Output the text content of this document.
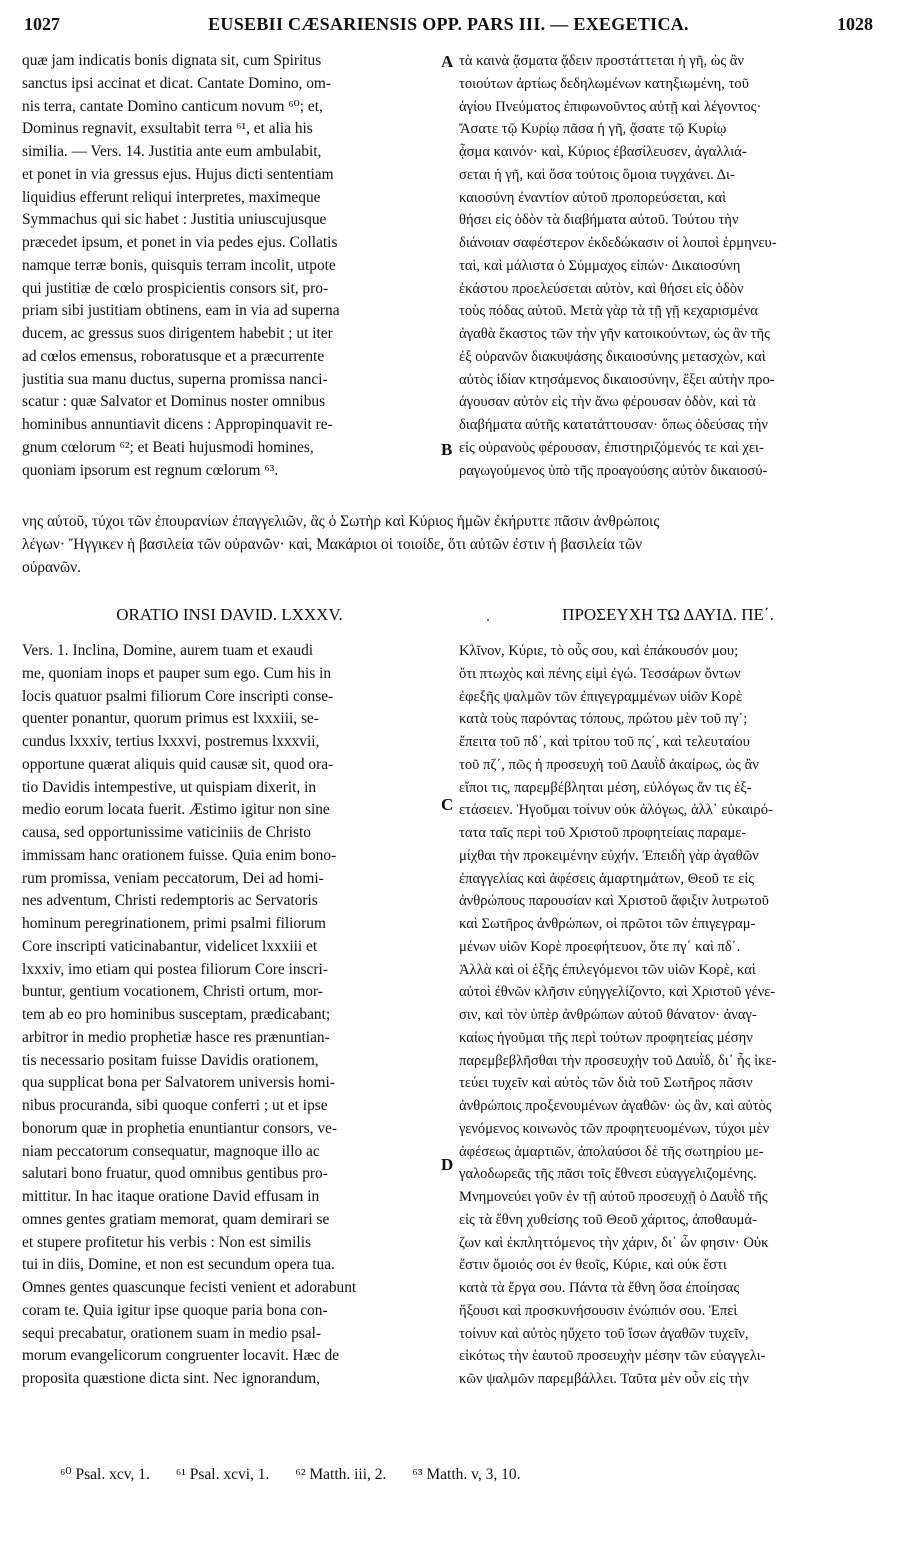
1027	EUSEBII CÆSARIENSIS OPP. PARS III. — EXEGETICA.	1028
quæ jam indicatis bonis dignata sit, cum Spiritus
sanctus ipsi accinat et dicat. Cantate Domino, om-
nis terra, cantate Domino canticum novum ⁶⁰; et,
Dominus regnavit, exsultabit terra ⁶¹, et alia his
similia. — Vers. 14. Justitia ante eum ambulabit,
et ponet in via gressus ejus. Hujus dicti sententiam
liquidius efferunt reliqui interpretes, maximeque
Symmachus qui sic habet : Justitia uniuscujusque
præcedet ipsum, et ponet in via pedes ejus. Collatis
namque terræ bonis, quisquis terram incolit, utpote
qui justitiæ de cœlo prospicientis consors sit, pro-
priam sibi justitiam obtinens, eam in via ad superna
ducem, ac gressus suos dirigentem habebit ; ut iter
ad cœlos emensus, roboratusque et a præcurrente
justitia sua manu ductus, superna promissa nanci-
scatur : quæ Salvator et Dominus noster omnibus
hominibus annuntiavit dicens : Appropinquavit re-
gnum cœlorum ⁶²; et Beati hujusmodi homines,
quoniam ipsorum est regnum cœlorum ⁶³.
τὰ καινὰ ᾄσματα ᾄδειν προστάττεται ἡ γῆ, ὡς ἂν
τοιούτων ἀρτίως δεδηλωμένων κατηξιωμένη, τοῦ
ἁγίου Πνεύματος ἐπιφωνοῦντος αὐτῇ καὶ λέγοντος·
Ἄσατε τῷ Κυρίῳ πᾶσα ἡ γῆ, ᾄσατε τῷ Κυρίῳ
ᾆσμα καινόν· καὶ, Κύριος ἐβασίλευσεν, ἀγαλλιά-
σεται ἡ γῆ, καὶ ὅσα τούτοις ὅμοια τυγχάνει. Δι-
καιοσύνη ἐναντίον αὐτοῦ προπορεύσεται, καὶ
θήσει εἰς ὁδὸν τὰ διαβήματα αὐτοῦ. Τούτου τὴν
διάνοιαν σαφέστερον ἐκδεδώκασιν οἱ λοιποὶ ἑρμηνευ-
ταὶ, καὶ μάλιστα ὁ Σύμμαχος εἰπών· Δικαιοσύνη
ἑκάστου προελεύσεται αὐτὸν, καὶ θήσει εἰς ὁδὸν
τοὺς πόδας αὐτοῦ. Μετὰ γὰρ τὰ τῇ γῇ κεχαρισμένα
ἀγαθὰ ἕκαστος τῶν τὴν γῆν κατοικούντων, ὡς ἂν τῆς
ἐξ οὐρανῶν διακυψάσης δικαιοσύνης μετασχὼν, καὶ
αὐτὸς ἰδίαν κτησάμενος δικαιοσύνην, ἕξει αὐτὴν προ-
άγουσαν αὐτὸν εἰς τὴν ἄνω φέρουσαν ὁδὸν, καὶ τὰ
διαβήματα αὐτῆς κατατάττουσαν· ὅπως ὁδεύσας τὴν
εἰς οὐρανοὺς φέρουσαν, ἐπιστηριζόμενός τε καὶ χει-
ραγωγούμενος ὑπὸ τῆς προαγούσης αὐτὸν δικαιοσύ-
A
B
C
D
νης αὐτοῦ, τύχοι τῶν ἐπουρανίων ἐπαγγελιῶν, ἃς ὁ Σωτὴρ καὶ Κύριος ἡμῶν ἐκήρυττε πᾶσιν ἀνθρώποις
λέγων· Ἤγγικεν ἡ βασιλεία τῶν οὐρανῶν· καὶ, Μακάριοι οἱ τοιοίδε, ὅτι αὐτῶν ἐστιν ἡ βασιλεία τῶν
οὐρανῶν.
ORATIO INSI DAVID. LXXXV.	.	ΠΡΟΣΕΥΧΗ ΤΩ ΔΑΥΙΔ. ΠΕ΄.
Vers. 1. Inclina, Domine, aurem tuam et exaudi
me, quoniam inops et pauper sum ego. Cum his in
locis quatuor psalmi filiorum Core inscripti conse-
quenter ponantur, quorum primus est lxxxiii, se-
cundus lxxxiv, tertius lxxxvi, postremus lxxxvii,
opportune quærat aliquis quid causæ sit, quod ora-
tio Davidis intempestive, ut quispiam dixerit, in
medio eorum locata fuerit. Æstimo igitur non sine
causa, sed opportunissime vaticiniis de Christo
immissam hanc orationem fuisse. Quia enim bono-
rum promissa, veniam peccatorum, Dei ad homi-
nes adventum, Christi redemptoris ac Servatoris
hominum peregrinationem, primi psalmi filiorum
Core inscripti vaticinabantur, videlicet lxxxiii et
lxxxiv, imo etiam qui postea filiorum Core inscri-
buntur, gentium vocationem, Christi ortum, mor-
tem ab eo pro hominibus susceptam, prædicabant;
arbitror in medio prophetiæ hasce res prænuntian-
tis necessario positam fuisse Davidis orationem,
qua supplicat bona per Salvatorem universis homi-
nibus procuranda, sibi quoque conferri ; ut et ipse
bonorum quæ in prophetia enuntiantur consors, ve-
niam peccatorum consequatur, magnoque illo ac
salutari bono fruatur, quod omnibus gentibus pro-
mittitur. In hac itaque oratione David effusam in
omnes gentes gratiam memorat, quam demirari se
et stupere profitetur his verbis : Non est similis
tui in diis, Domine, et non est secundum opera tua.
Omnes gentes quascunque fecisti venient et adorabunt
coram te. Quia igitur ipse quoque paria bona con-
sequi precabatur, orationem suam in medio psal-
morum evangelicorum congruenter locavit. Hæc de
proposita quæstione dicta sint. Nec ignorandum,
Κλῖνον, Κύριε, τὸ οὖς σου, καὶ ἐπάκουσόν μου;
ὅτι πτωχὸς καὶ πένης εἰμὶ ἐγώ. Τεσσάρων ὄντων
ἐφεξῆς ψαλμῶν τῶν ἐπιγεγραμμένων υἱῶν Κορὲ
κατὰ τοὺς παρόντας τόπους, πρώτου μὲν τοῦ πγ΄;
ἔπειτα τοῦ πδ΄, καὶ τρίτου τοῦ πς΄, καὶ τελευταίου
τοῦ πζ΄, πῶς ἡ προσευχὴ τοῦ Δαυῒδ ἀκαίρως, ὡς ἂν
εἴποι τις, παρεμβέβληται μέση, εὐλόγως ἄν τις ἐξ-
ετάσειεν. Ἡγοῦμαι τοίνυν οὐκ ἀλόγως, ἀλλ᾽ εὐκαιρό-
τατα ταῖς περὶ τοῦ Χριστοῦ προφητείαις παραμε-
μίχθαι τὴν προκειμένην εὐχήν. Ἐπειδὴ γὰρ ἀγαθῶν
ἐπαγγελίας καὶ ἀφέσεις ἁμαρτημάτων, Θεοῦ τε εἰς
ἀνθρώπους παρουσίαν καὶ Χριστοῦ ἄφιξιν λυτρωτοῦ
καὶ Σωτῆρος ἀνθρώπων, οἱ πρῶτοι τῶν ἐπιγεγραμ-
μένων υἱῶν Κορὲ προεφήτευον, ὅτε πγ΄ καὶ πδ΄.
Ἀλλὰ καὶ οἱ ἑξῆς ἐπιλεγόμενοι τῶν υἱῶν Κορὲ, καὶ
αὐτοὶ ἐθνῶν κλῆσιν εὐηγγελίζοντο, καὶ Χριστοῦ γένε-
σιν, καὶ τὸν ὑπὲρ ἀνθρώπων αὐτοῦ θάνατον· ἀναγ-
καίως ἡγοῦμαι τῆς περὶ τούτων προφητείας μέσην
παρεμβεβλῆσθαι τὴν προσευχὴν τοῦ Δαυῒδ, δι᾽ ἧς ἱκε-
τεύει τυχεῖν καὶ αὐτὸς τῶν διὰ τοῦ Σωτῆρος πᾶσιν
ἀνθρώποις προξενουμένων ἀγαθῶν· ὡς ἂν, καὶ αὐτὸς
γενόμενος κοινωνὸς τῶν προφητευομένων, τύχοι μὲν
ἀφέσεως ἁμαρτιῶν, ἀπολαύσοι δὲ τῆς σωτηρίου με-
γαλοδωρεᾶς τῆς πᾶσι τοῖς ἔθνεσι εὐαγγελιζομένης.
Μνημονεύει γοῦν ἐν τῇ αὐτοῦ προσευχῇ ὁ Δαυῒδ τῆς
εἰς τὰ ἔθνη χυθείσης τοῦ Θεοῦ χάριτος, ἀποθαυμά-
ζων καὶ ἐκπληττόμενος τὴν χάριν, δι᾽ ὧν φησιν· Οὐκ
ἔστιν ὅμοιός σοι ἐν θεοῖς, Κύριε, καὶ οὐκ ἔστι
κατὰ τὰ ἔργα σου. Πάντα τὰ ἔθνη ὅσα ἐποίησας
ἥξουσι καὶ προσκυνήσουσιν ἐνώπιόν σου. Ἐπεὶ
τοίνυν καὶ αὐτὸς ηὔχετο τοῦ ἴσων ἀγαθῶν τυχεῖν,
εἰκότως τὴν ἑαυτοῦ προσευχὴν μέσην τῶν εὐαγγελι-
κῶν ψαλμῶν παρεμβάλλει. Ταῦτα μὲν οὖν εἰς τὴν
⁶⁰ Psal. xcv, 1. ⁶¹ Psal. xcvi, 1. ⁶² Matth. iii, 2. ⁶³ Matth. v, 3, 10.
